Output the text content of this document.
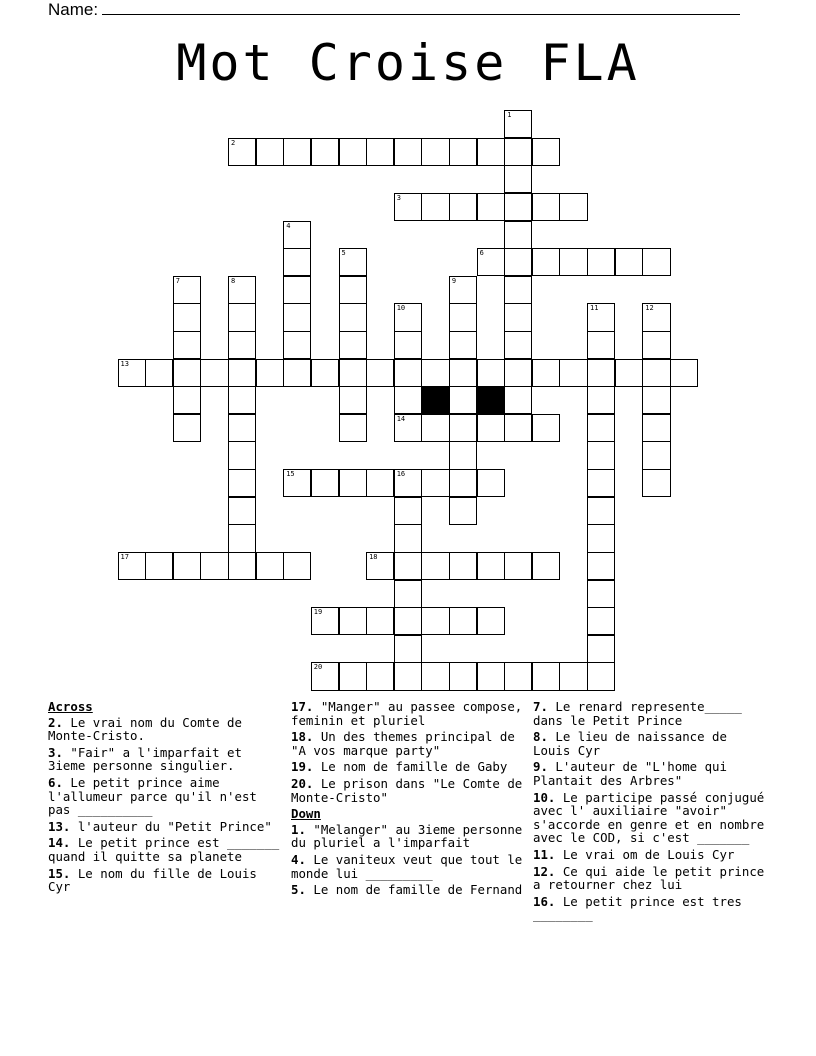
Name:
Mot Croise FLA
1
2
3
4
5	6
7	8	9
10	11	12
13
14
15	16
17	18
19
20
Across
2. Le vrai nom du Comte de Monte-Cristo.
3. "Fair" a l'imparfait et 3ieme personne singulier.
6. Le petit prince aime l'allumeur parce qu'il n'est pas __________
13. l'auteur du "Petit Prince"
14. Le petit prince est _______ quand il quitte sa planete
15. Le nom du fille de Louis Cyr
17. "Manger" au passee compose, feminin et pluriel
18. Un des themes principal de "A vos marque party"
19. Le nom de famille de Gaby
20. Le prison dans "Le Comte de Monte-Cristo"
Down
1. "Melanger" au 3ieme personne du pluriel a l'imparfait
4. Le vaniteux veut que tout le monde lui _________
5. Le nom de famille de Fernand
7. Le renard represente_____ dans le Petit Prince
8. Le lieu de naissance de Louis Cyr
9. L'auteur de "L'home qui Plantait des Arbres"
10. Le participe passé conjugué avec l' auxiliaire "avoir" s'accorde en genre et en nombre avec le COD, si c'est _______
11. Le vrai om de Louis Cyr
12. Ce qui aide le petit prince a retourner chez lui
16. Le petit prince est tres ________
